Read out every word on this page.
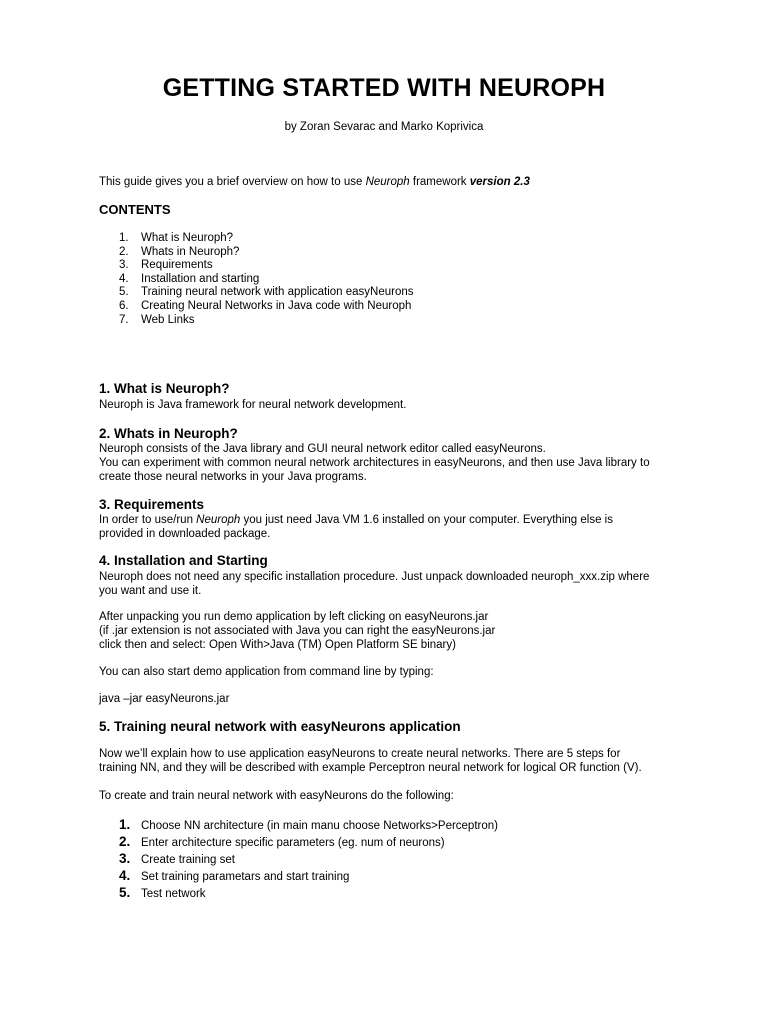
GETTING STARTED WITH NEUROPH
by Zoran Sevarac and Marko Koprivica

This guide gives you a brief overview on how to use Neuroph framework version 2.3

CONTENTS
1.	What is Neuroph?
2.	Whats in Neuroph?
3.	Requirements
4.	Installation and starting
5.	Training neural network with application easyNeurons
6.	Creating Neural Networks in Java code with Neuroph
7.	Web Links
1. What is Neuroph?

Neuroph is Java framework for neural network development.

2. Whats in Neuroph?
Neuroph consists of the Java library and GUI neural network editor called easyNeurons.
You can experiment with common neural network architectures in easyNeurons, and then use Java library to
create those neural networks in your Java programs.
3. Requirements
In order to use/run Neuroph you just need Java VM 1.6 installed on your computer. Everything else is
provided in downloaded package.
4. Installation and Starting
Neuroph does not need any specific installation procedure. Just unpack downloaded neuroph_xxx.zip where
you want and use it.
After unpacking you run demo application by left clicking on easyNeurons.jar
(if .jar extension is not associated with Java you can right the easyNeurons.jar
click then and select: Open With>Java (TM) Open Platform SE binary)

You can also start demo application from command line by typing:

java –jar easyNeurons.jar

5. Training neural network with easyNeurons application
Now we’ll explain how to use application easyNeurons to create neural networks. There are 5 steps for
training NN, and they will be described with example Perceptron neural network for logical OR function (V).

To create and train neural network with easyNeurons do the following:

1. Choose NN architecture (in main manu choose Networks>Perceptron)
2. Enter architecture specific parameters (eg. num of neurons)
3. Create training set
4. Set training parametars and start training
5. Test network
